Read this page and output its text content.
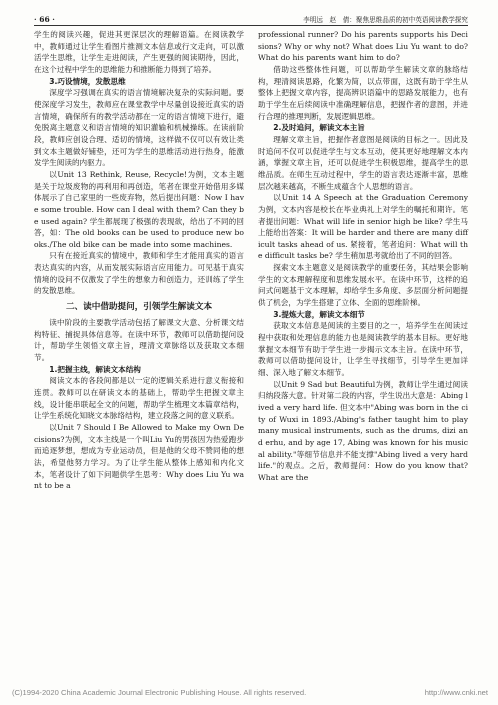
· 66 ·	李明远　赵　倩：聚焦思维品质的初中英语阅读教学探究

学生的阅读兴趣，促进其更深层次的理解语篇。在阅读教学中，教师通过让学生看图片推测文本信息或行文走向，可以激活学生思维，让学生走进阅读，产生更强的阅读期待，因此，在这个过程中学生的思维能力和推断能力得到了培养。

3.巧设情境，发散思维

深度学习强调在真实的语言情境解决复杂的实际问题。要使深度学习发生，教师应在课堂教学中尽量创设接近真实的语言情境，确保所有的教学活动都在一定的语言情境下进行，避免脱离主题意义和语言情境的知识灌输和机械操练。在读前阶段，教师应创设合理、适切的情境，这样做不仅可以有效让类到文本主题做好铺垫，还可为学生的思维活动进行热身，能激发学生阅读的内驱力。

以Unit 13 Rethink, Reuse, Recycle!为例，文本主题是关于垃圾废物的再利用和再创造，笔者在课堂开始借用多媒体展示了自己家里的一些废弃物，然后提出问题：Now I have some trouble. How can I deal with them? Can they be used again? 学生都展现了极强的表现欲，给出了不同的回答，如：The old books can be used to produce new books./The old bike can be made into some machines.

只有在接近真实的情境中，教师和学生才能用真实的语言表达真实的内容，从而发展实际语言应用能力。可见基于真实情境的设问不仅激发了学生的想象力和创造力，还训练了学生的发散思维。

二、读中借助提问，引领学生解读文本

读中阶段的主要教学活动包括了解课文大意、分析课文结构特征、捕捉具体信息等。在读中环节，教师可以借助提问设计，帮助学生领悟文章主旨，理清文章脉络以及获取文本细节。

1.把握主线，解读文本结构

阅读文本的各段间都是以一定的逻辑关系进行意义衔接和连贯。教师可以在研读文本的基础上，帮助学生把握文章主线，设计能串联起全文的问题，帮助学生梳理文本篇章结构，让学生系统化知晓文本脉络结构，建立段落之间的意义联系。

以Unit 7 Should I Be Allowed to Make my Own Decisions?为例，文本主线是一个叫Liu Yu的男孩因为热爱跑步而追逐梦想，想成为专业运动员，但是他的父母不赞同他的想法，希望他努力学习。为了让学生能从整体上感知和内化文本，笔者设计了如下问题供学生思考：Why does Liu Yu want to be a

professional runner? Do his parents supports his Decisions? Why or why not? What does Liu Yu want to do? What do his parents want him to do?

借助这些整体性问题，可以帮助学生解读文章的脉络结构，理清阅读思路，化繁为简，以点带面，这既有助于学生从整体上把握文章内容，提高辨识语篇中的思路发展能力，也有助于学生在后续阅读中准确理解信息，把握作者的意图，并进行合理的推理判断，发展逻辑思维。

2.及时追问，解读文本主旨

理解文章主旨，把握作者意图是阅读的目标之一。因此及时追问不仅可以促进学生与文本互动，使其更好地理解文本内涵，掌握文章主旨，还可以促进学生积极思维，提高学生的思维品质。在师生互动过程中，学生的语言表达逐渐丰富，思维层次越来越高，不断生成蕴含个人思想的语言。

以Unit 14 A Speech at the Graduation Ceremony为例，文本内容是校长在毕业典礼上对学生的嘱托和期许。笔者提出问题：What will life in senior high be like? 学生马上能给出答案：It will be harder and there are many difficult tasks ahead of us. 紧接着，笔者追问：What will the difficult tasks be? 学生稍加思考就给出了不同的回答。

探索文本主题意义是阅读教学的重要任务，其结果会影响学生的文本理解程度和思维发展水平。在读中环节，这样的追问式问题基于文本理解，却给学生多角度、多层面分析问题提供了机会，为学生搭建了立体、全面的思维阶梯。

3.提炼大意，解读文本细节

获取文本信息是阅读的主要目的之一，培养学生在阅读过程中获取和处理信息的能力也是阅读教学的基本目标。更好地掌握文本细节有助于学生进一步揭示文本主旨。在读中环节，教师可以借助提问设计，让学生寻找细节，引导学生更加详细、深入地了解文本细节。

以Unit 9 Sad but Beautiful为例，教师让学生通过阅读归纳段落大意。针对第二段的内容，学生说出大意是：Abing lived a very hard life. 但文本中"Abing was born in the city of Wuxi in 1893./Abing's father taught him to play many musical instruments, such as the drums, dizi and erhu, and by age 17, Abing was known for his musical ability."等细节信息并不能支撑"Abing lived a very hard life."的观点。之后，教师提问：How do you know that? What are the

(C)1994-2020 China Academic Journal Electronic Publishing House. All rights reserved.	http://www.cnki.net
